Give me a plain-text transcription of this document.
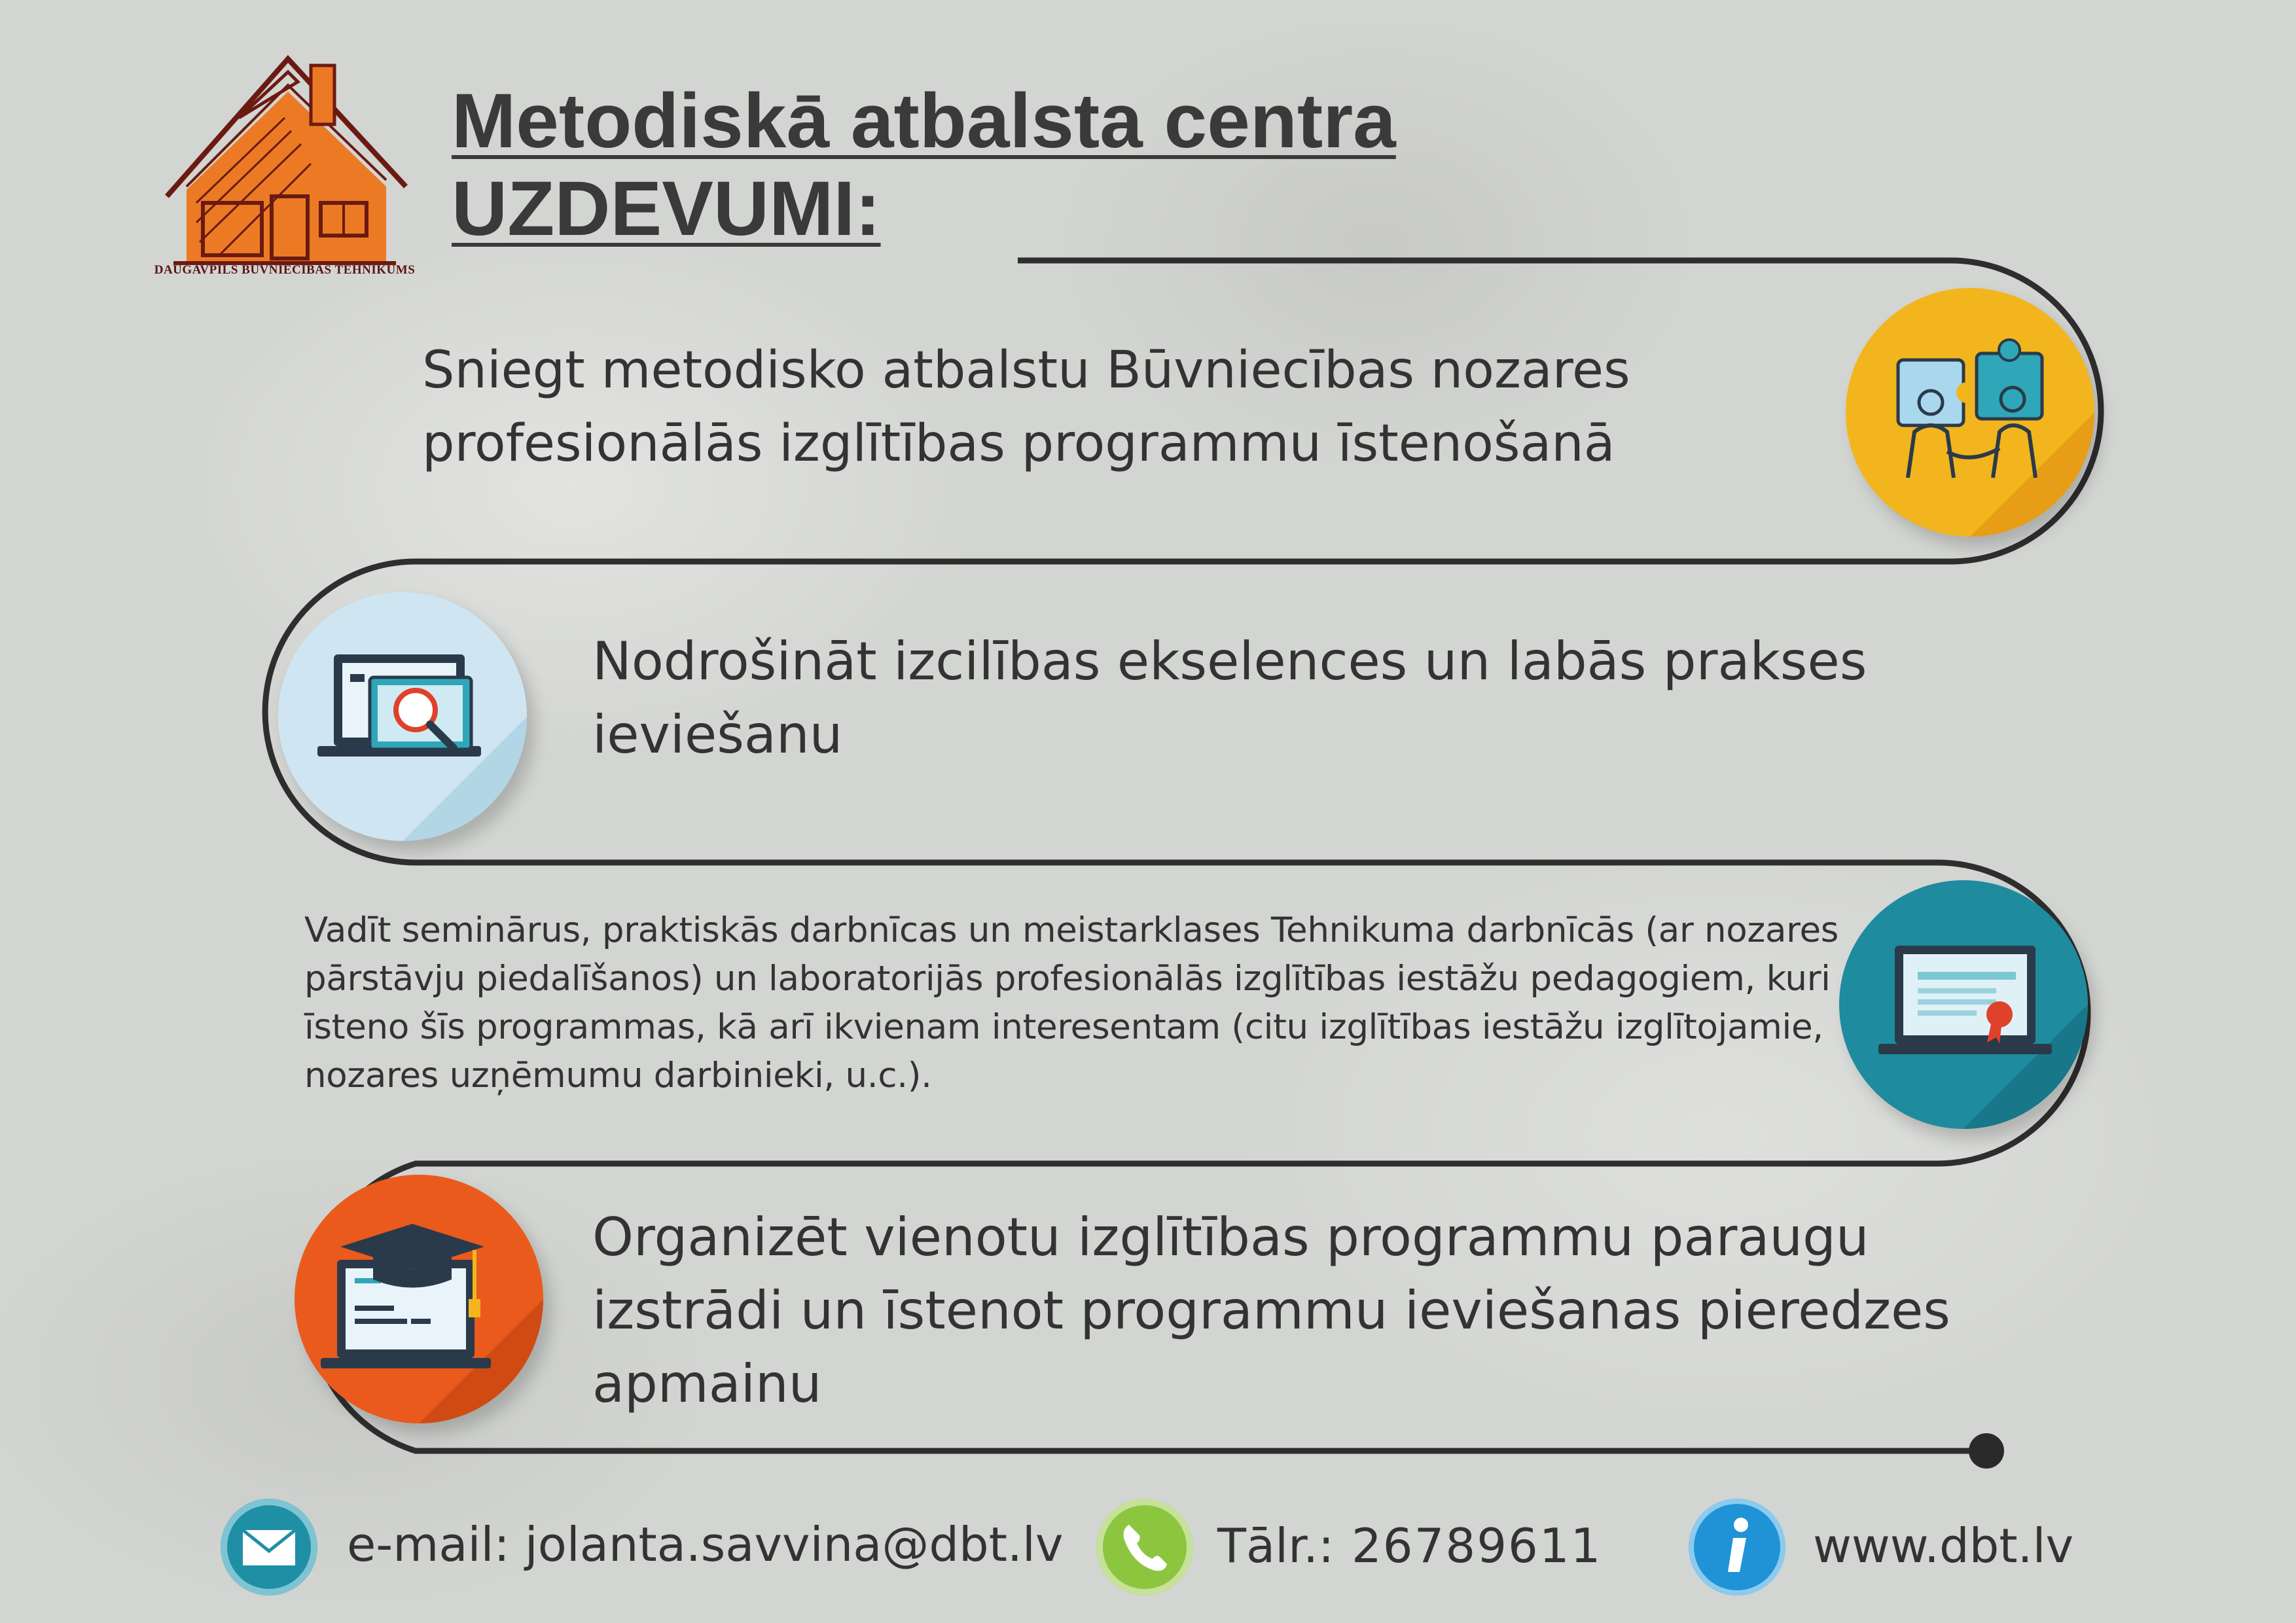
DAUGAVPILS BŪVNIECĪBAS TEHNIKUMS
Metodiskā atbalsta centra
UZDEVUMI:
Sniegt metodisko atbalstu Būvniecības nozares profesionālās izglītības programmu īstenošanā
Nodrošināt izcilības ekselences un labās prakses ieviešanu
Vadīt seminārus, praktiskās darbnīcas un meistarklases Tehnikuma darbnīcās (ar nozares pārstāvju piedalīšanos) un laboratorijās profesionālās izglītības iestāžu pedagogiem, kuri īsteno šīs programmas, kā arī ikvienam interesentam (citu izglītības iestāžu izglītojamie, nozares uzņēmumu darbinieki, u.c.).
Organizēt vienotu izglītības programmu paraugu izstrādi un īstenot programmu ieviešanas pieredzes apmainu
e-mail: jolanta.savvina@dbt.lv	Tālr.: 26789611	www.dbt.lv
